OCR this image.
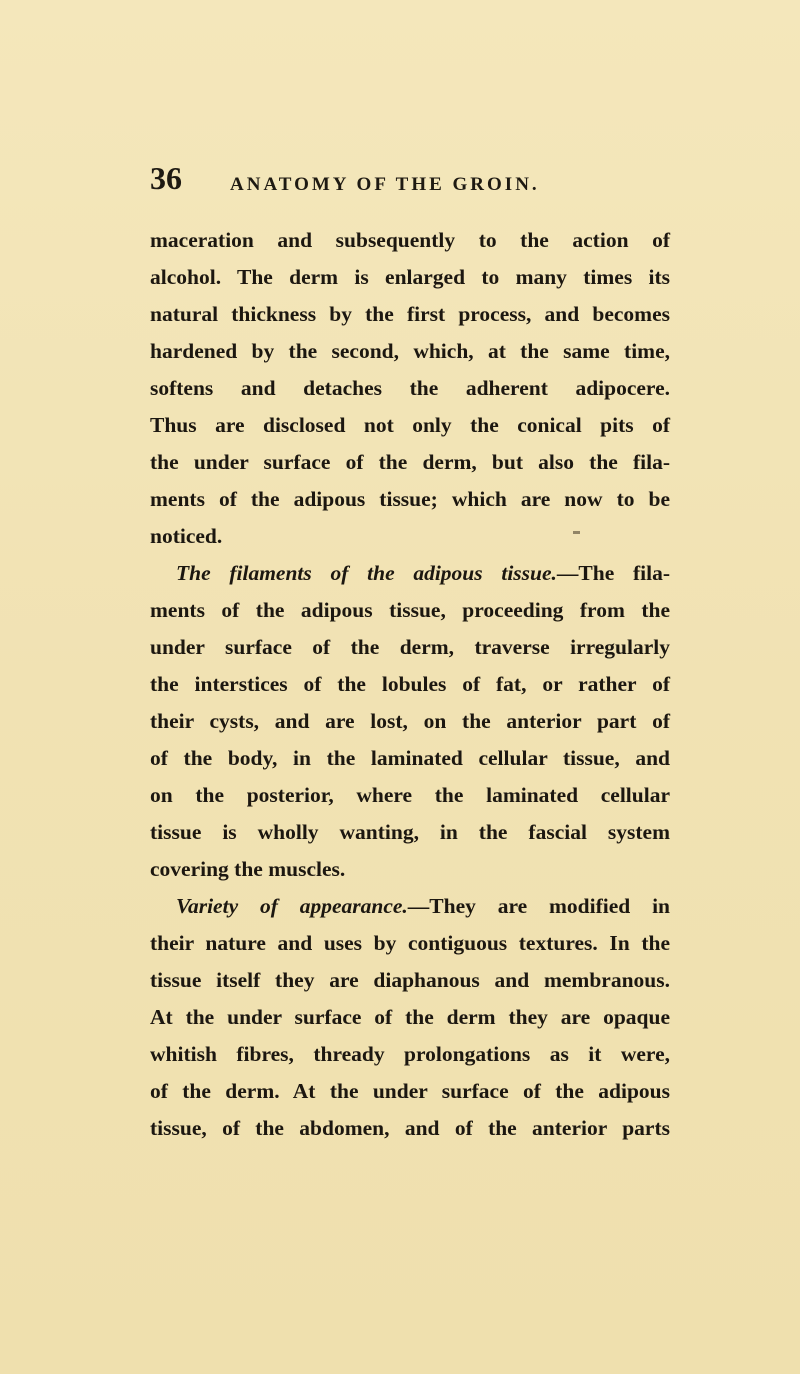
36	ANATOMY OF THE GROIN.
maceration and subsequently to the action of
alcohol. The derm is enlarged to many times its
natural thickness by the first process, and becomes
hardened by the second, which, at the same time,
softens and detaches the adherent adipocere.
Thus are disclosed not only the conical pits of
the under surface of the derm, but also the fila-
ments of the adipous tissue; which are now to be
noticed.
The filaments of the adipous tissue.—The fila-
ments of the adipous tissue, proceeding from the
under surface of the derm, traverse irregularly
the interstices of the lobules of fat, or rather of
their cysts, and are lost, on the anterior part of
of the body, in the laminated cellular tissue, and
on the posterior, where the laminated cellular
tissue is wholly wanting, in the fascial system
covering the muscles.
Variety of appearance.—They are modified in
their nature and uses by contiguous textures. In the
tissue itself they are diaphanous and membranous.
At the under surface of the derm they are opaque
whitish fibres, thready prolongations as it were,
of the derm. At the under surface of the adipous
tissue, of the abdomen, and of the anterior parts
